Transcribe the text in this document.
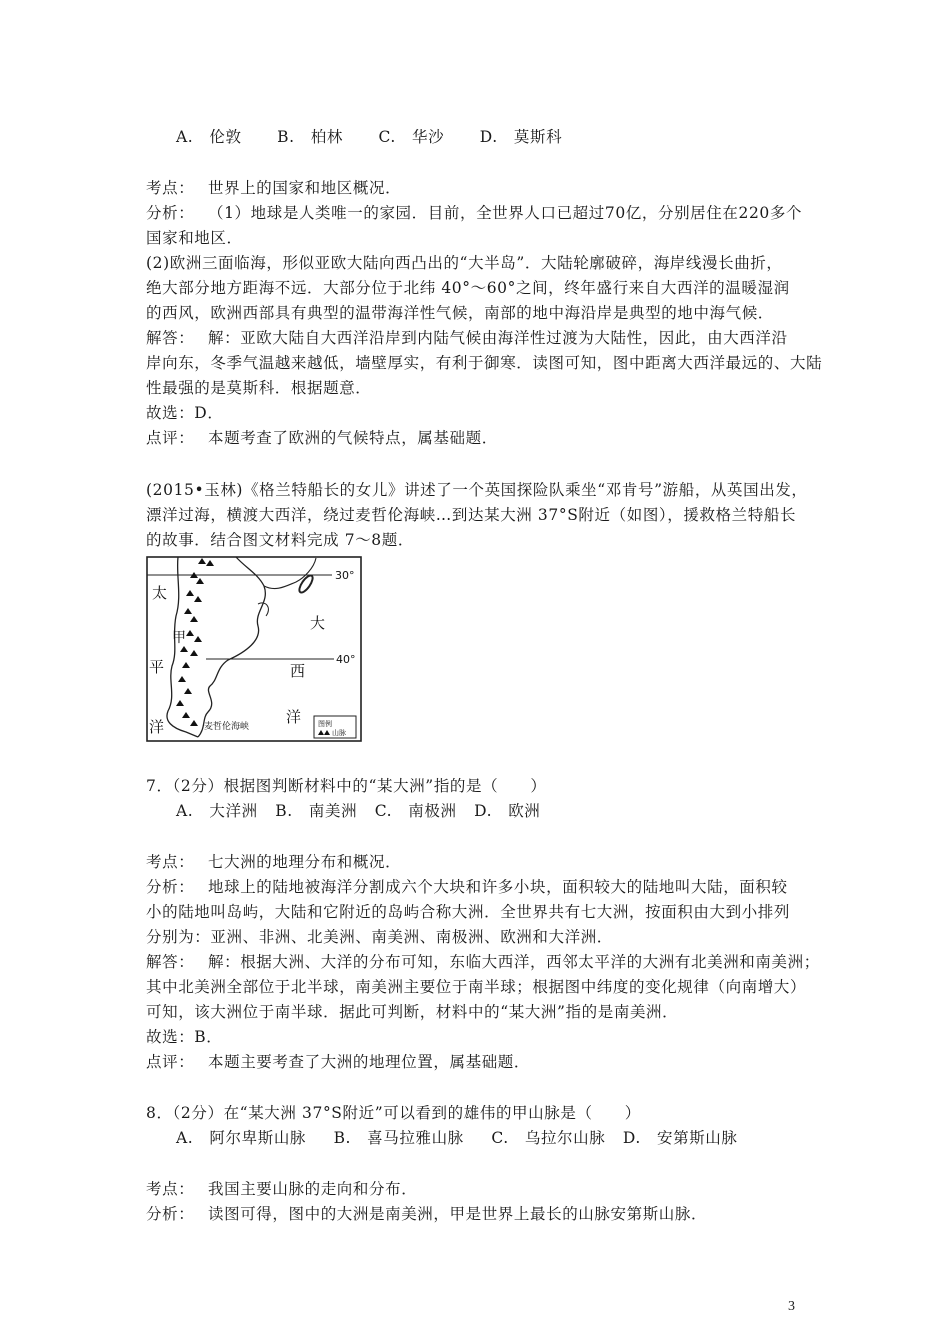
A.　伦敦 B.　柏林 C.　华沙 D.　莫斯科
考点： 世界上的国家和地区概况．
分析： （1）地球是人类唯一的家园．目前，全世界人口已超过70亿，分别居住在220多个
国家和地区．
(2)欧洲三面临海，形似亚欧大陆向西凸出的“大半岛”．大陆轮廓破碎，海岸线漫长曲折，
绝大部分地方距海不远．大部分位于北纬 40°～60°之间，终年盛行来自大西洋的温暖湿润
的西风，欧洲西部具有典型的温带海洋性气候，南部的地中海沿岸是典型的地中海气候．
解答： 解：亚欧大陆自大西洋沿岸到内陆气候由海洋性过渡为大陆性，因此，由大西洋沿
岸向东，冬季气温越来越低，墙壁厚实，有利于御寒．读图可知，图中距离大西洋最远的、大陆
性最强的是莫斯科．根据题意．
故选：D．
点评： 本题考查了欧洲的气候特点，属基础题．
(2015•玉林)《格兰特船长的女儿》讲述了一个英国探险队乘坐“邓肯号”游船，从英国出发，
漂洋过海，横渡大西洋，绕过麦哲伦海峡…到达某大洲 37°S附近（如图），援救格兰特船长
的故事．结合图文材料完成 7～8题．
30°
40°
太
甲
平
洋
大
西
洋
麦哲伦海峡	图例
山脉
7．（2分）根据图判断材料中的“某大洲”指的是（　　）
A.　大洋洲 B.　南美洲 C.　南极洲 D.　欧洲
考点： 七大洲的地理分布和概况．
分析： 地球上的陆地被海洋分割成六个大块和许多小块，面积较大的陆地叫大陆，面积较
小的陆地叫岛屿，大陆和它附近的岛屿合称大洲．全世界共有七大洲，按面积由大到小排列
分别为：亚洲、非洲、北美洲、南美洲、南极洲、欧洲和大洋洲．
解答： 解：根据大洲、大洋的分布可知，东临大西洋，西邻太平洋的大洲有北美洲和南美洲；
其中北美洲全部位于北半球，南美洲主要位于南半球；根据图中纬度的变化规律（向南增大）
可知，该大洲位于南半球．据此可判断，材料中的“某大洲”指的是南美洲．
故选：B．
点评： 本题主要考查了大洲的地理位置，属基础题．
8．（2分）在“某大洲 37°S附近”可以看到的雄伟的甲山脉是（　　）
A.　阿尔卑斯山脉 B.　喜马拉雅山脉 C.　乌拉尔山脉 D.　安第斯山脉
考点： 我国主要山脉的走向和分布．
分析： 读图可得，图中的大洲是南美洲，甲是世界上最长的山脉安第斯山脉．
3
